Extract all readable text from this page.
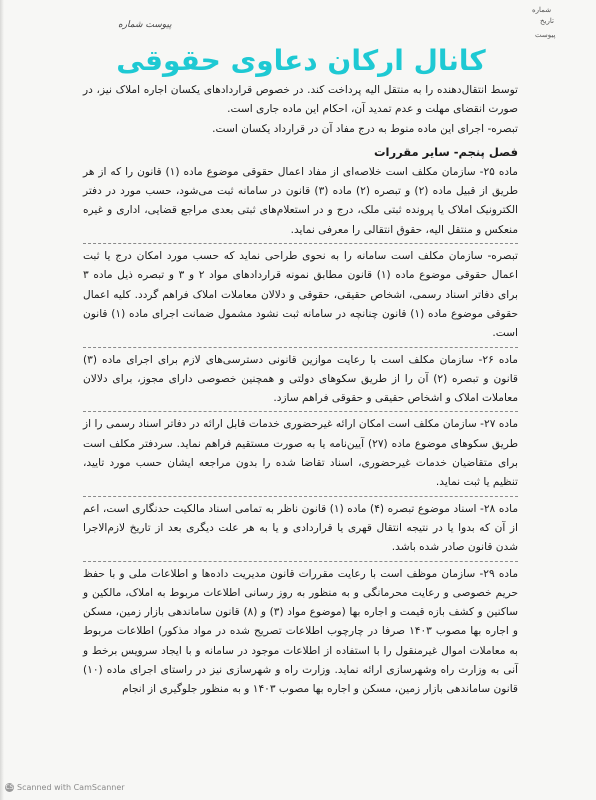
شماره
تاریخ
پیوست
پیوست شماره
کانال ارکان دعاوی حقوقی

توسط انتقال‌دهنده را به منتقل الیه پرداخت کند. در خصوص قراردادهای یکسان اجاره املاک نیز، در صورت انقضای مهلت و عدم تمدید آن، احکام این ماده جاری است.

تبصره- اجرای این ماده منوط به درج مفاد آن در قرارداد یکسان است.

فصل پنجم- سایر مقررات

ماده ۲۵- سازمان مکلف است خلاصه‌ای از مفاد اعمال حقوقی موضوع ماده (۱) قانون را که از هر طریق از قبیل ماده (۲) و تبصره (۲) ماده (۳) قانون در سامانه ثبت می‌شود، حسب مورد در دفتر الکترونیک املاک یا پرونده ثبتی ملک، درج و در استعلام‌های ثبتی بعدی مراجع قضایی، اداری و غیره منعکس و منتقل الیه، حقوق انتقالی را معرفی نماید.

تبصره- سازمان مکلف است سامانه را به نحوی طراحی نماید که حسب مورد امکان درج یا ثبت اعمال حقوقی موضوع ماده (۱) قانون مطابق نمونه قراردادهای مواد ۲ و ۳ و تبصره ذیل ماده ۳ برای دفاتر اسناد رسمی، اشخاص حقیقی، حقوقی و دلالان معاملات املاک فراهم گردد. کلیه اعمال حقوقی موضوع ماده (۱) قانون چنانچه در سامانه ثبت نشود مشمول ضمانت اجرای ماده (۱) قانون است.

ماده ۲۶- سازمان مکلف است با رعایت موازین قانونی دسترسی‌های لازم برای اجرای ماده (۳) قانون و تبصره (۲) آن را از طریق سکوهای دولتی و همچنین خصوصی دارای مجوز، برای دلالان معاملات املاک و اشخاص حقیقی و حقوقی فراهم سازد.

ماده ۲۷- سازمان مکلف است امکان ارائه غیرحضوری خدمات قابل ارائه در دفاتر اسناد رسمی را از طریق سکوهای موضوع ماده (۲۷) آیین‌نامه یا به صورت مستقیم فراهم نماید. سردفتر مکلف است برای متقاضیان خدمات غیرحضوری، اسناد تقاضا شده را بدون مراجعه ایشان حسب مورد تایید، تنظیم یا ثبت نماید.

ماده ۲۸- اسناد موضوع تبصره (۴) ماده (۱) قانون ناظر به تمامی اسناد مالکیت حدنگاری است، اعم از آن که بدوا یا در نتیجه انتقال قهری یا قراردادی و یا به هر علت دیگری بعد از تاریخ لازم‌الاجرا شدن قانون صادر شده باشد.

ماده ۲۹- سازمان موظف است با رعایت مقررات قانون مدیریت داده‌ها و اطلاعات ملی و با حفظ حریم خصوصی و رعایت محرمانگی و به منظور به روز رسانی اطلاعات مربوط به املاک، مالکین و ساکنین و کشف بازه قیمت و اجاره بها (موضوع مواد (۳) و (۸) قانون ساماندهی بازار زمین، مسکن و اجاره بها مصوب ۱۴۰۳ صرفا در چارچوب اطلاعات تصریح شده در مواد مذکور) اطلاعات مربوط به معاملات اموال غیرمنقول را با استفاده از اطلاعات موجود در سامانه و با ایجاد سرویس برخط و آنی به وزارت راه وشهرسازی ارائه نماید. وزارت راه و شهرسازی نیز در راستای اجرای ماده (۱۰) قانون ساماندهی بازار زمین، مسکن و اجاره بها مصوب ۱۴۰۳ و به منظور جلوگیری از انجام

CS Scanned with CamScanner
